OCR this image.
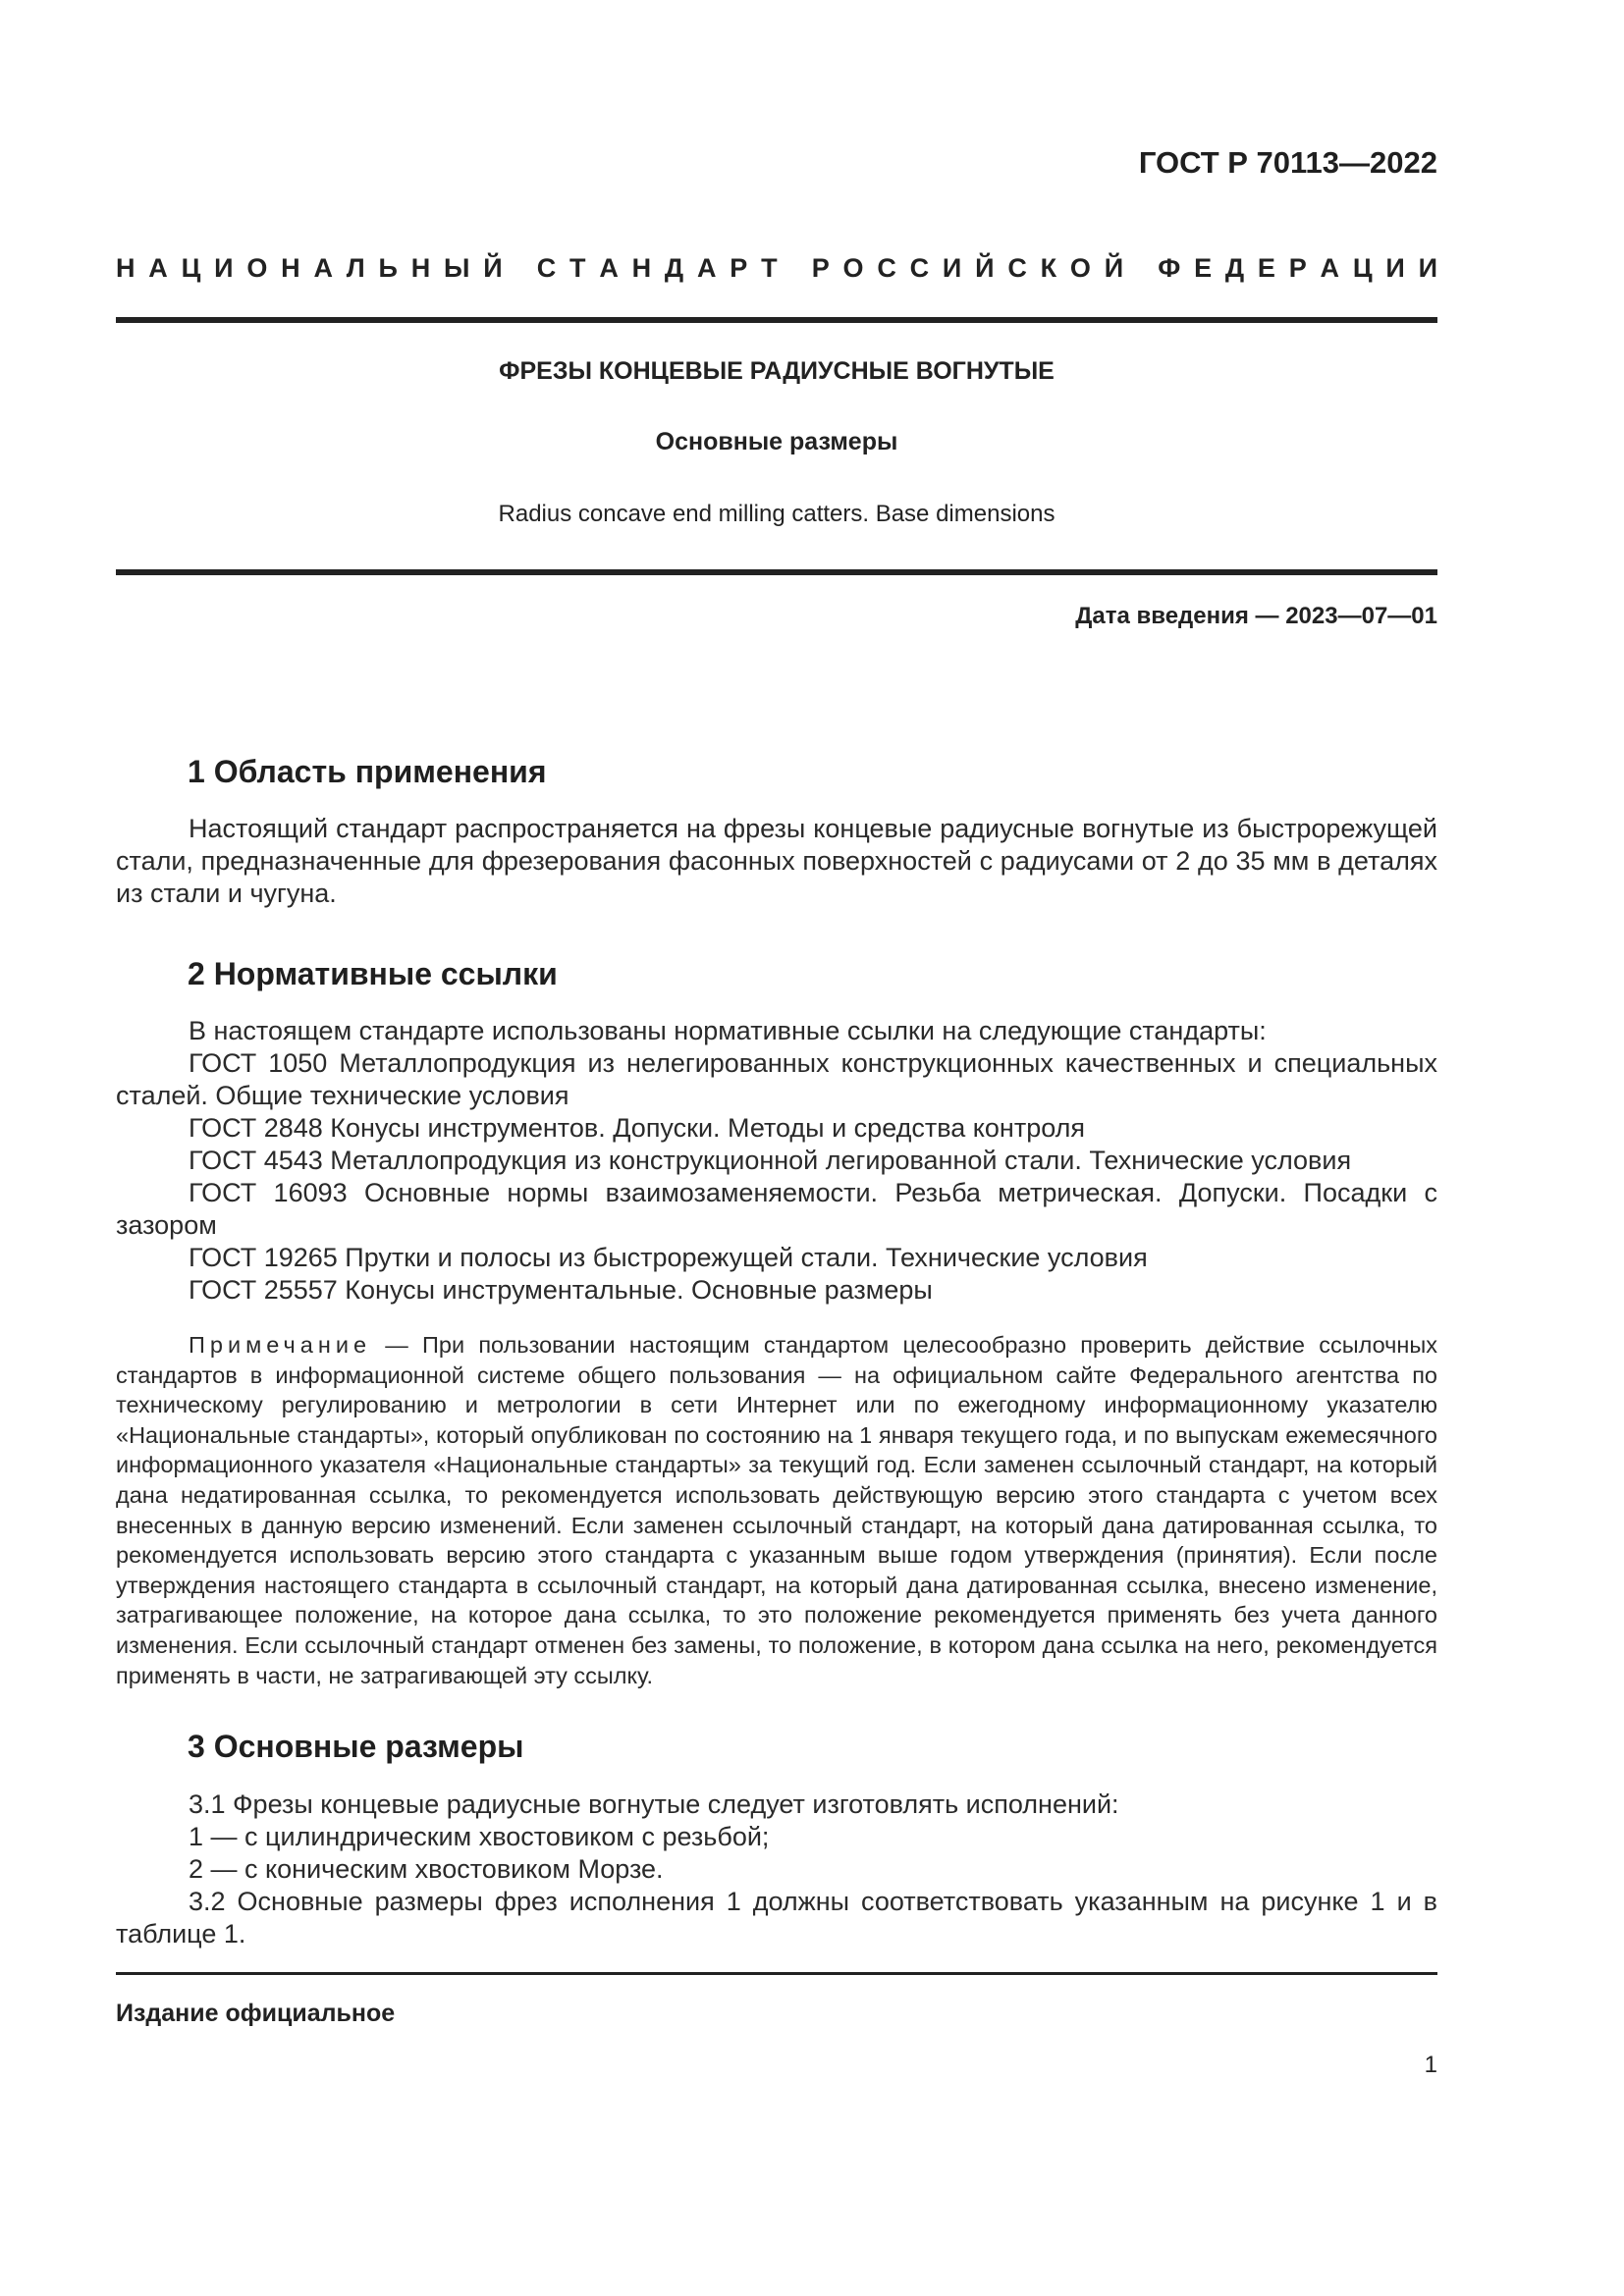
ГОСТ Р 70113—2022
Н А Ц И О Н А Л Ь Н Ы Й
С Т А Н Д А Р Т
Р О С С И Й С К О Й
Ф Е Д Е Р А Ц И И
ФРЕЗЫ КОНЦЕВЫЕ РАДИУСНЫЕ ВОГНУТЫЕ
Основные размеры
Radius concave end milling catters. Base dimensions
Дата введения — 2023—07—01
1 Область применения
Настоящий стандарт распространяется на фрезы концевые радиусные вогнутые из быстрорежущей стали, предназначенные для фрезерования фасонных поверхностей с радиусами от 2 до 35 мм в деталях из стали и чугуна.
2 Нормативные ссылки
В настоящем стандарте использованы нормативные ссылки на следующие стандарты:
ГОСТ 1050 Металлопродукция из нелегированных конструкционных качественных и специальных сталей. Общие технические условия
ГОСТ 2848 Конусы инструментов. Допуски. Методы и средства контроля
ГОСТ 4543 Металлопродукция из конструкционной легированной стали. Технические условия
ГОСТ 16093 Основные нормы взаимозаменяемости. Резьба метрическая. Допуски. Посадки с зазором
ГОСТ 19265 Прутки и полосы из быстрорежущей стали. Технические условия
ГОСТ 25557 Конусы инструментальные. Основные размеры
Примечание — При пользовании настоящим стандартом целесообразно проверить действие ссылочных стандартов в информационной системе общего пользования — на официальном сайте Федерального агентства по техническому регулированию и метрологии в сети Интернет или по ежегодному информационному указателю «Национальные стандарты», который опубликован по состоянию на 1 января текущего года, и по выпускам ежемесячного информационного указателя «Национальные стандарты» за текущий год. Если заменен ссылочный стандарт, на который дана недатированная ссылка, то рекомендуется использовать действующую версию этого стандарта с учетом всех внесенных в данную версию изменений. Если заменен ссылочный стандарт, на который дана датированная ссылка, то рекомендуется использовать версию этого стандарта с указанным выше годом утверждения (принятия). Если после утверждения настоящего стандарта в ссылочный стандарт, на который дана датированная ссылка, внесено изменение, затрагивающее положение, на которое дана ссылка, то это положение рекомендуется применять без учета данного изменения. Если ссылочный стандарт отменен без замены, то положение, в котором дана ссылка на него, рекомендуется применять в части, не затрагивающей эту ссылку.
3 Основные размеры
3.1 Фрезы концевые радиусные вогнутые следует изготовлять исполнений:
1 — с цилиндрическим хвостовиком с резьбой;
2 — с коническим хвостовиком Морзе.
3.2 Основные размеры фрез исполнения 1 должны соответствовать указанным на рисунке 1 и в таблице 1.
Издание официальное
1
